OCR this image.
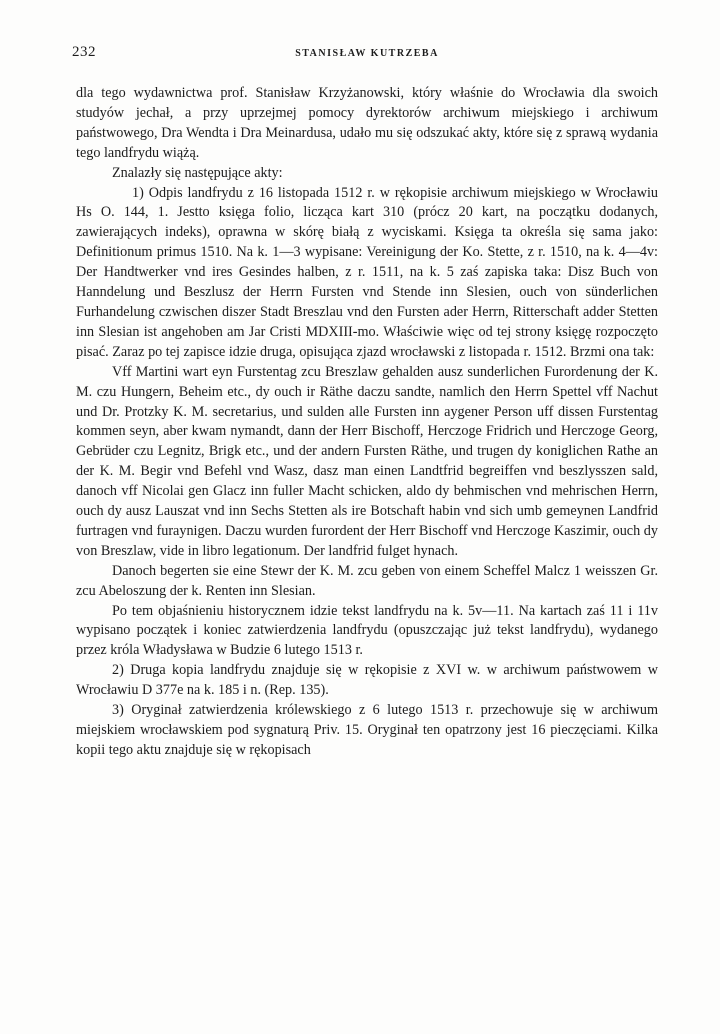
232	STANISŁAW KUTRZEBA

dla tego wydawnictwa prof. Stanisław Krzyżanowski, który właśnie do Wrocławia dla swoich studyów jechał, a przy uprzejmej pomocy dyrektorów archiwum miejskiego i archiwum państwowego, Dra Wendta i Dra Meinardusa, udało mu się odszukać akty, które się z sprawą wydania tego landfrydu wiążą.

Znalazły się następujące akty:

1) Odpis landfrydu z 16 listopada 1512 r. w rękopisie archiwum miejskiego w Wrocławiu Hs O. 144, 1. Jestto księga folio, licząca kart 310 (prócz 20 kart, na początku dodanych, zawierających indeks), oprawna w skórę białą z wyciskami. Księga ta określa się sama jako: Definitionum primus 1510. Na k. 1—3 wypisane: Vereinigung der Ko. Stette, z r. 1510, na k. 4—4v: Der Handtwerker vnd ires Gesindes halben, z r. 1511, na k. 5 zaś zapiska taka: Disz Buch von Hanndelung und Beszlusz der Herrn Fursten vnd Stende inn Slesien, ouch von sünderlichen Furhandelung czwischen diszer Stadt Breszlau vnd den Fursten ader Herrn, Ritterschaft adder Stetten inn Slesian ist angehoben am Jar Cristi MDXIII-mo. Właściwie więc od tej strony księgę rozpoczęto pisać. Zaraz po tej zapisce idzie druga, opisująca zjazd wrocławski z listopada r. 1512. Brzmi ona tak:

Vff Martini wart eyn Furstentag zcu Breszlaw gehalden ausz sunderlichen Furordenung der K. M. czu Hungern, Beheim etc., dy ouch ir Räthe daczu sandte, namlich den Herrn Spettel vff Nachut und Dr. Protzky K. M. secretarius, und sulden alle Fursten inn aygener Person uff dissen Furstentag kommen seyn, aber kwam nymandt, dann der Herr Bischoff, Herczoge Fridrich und Herczoge Georg, Gebrüder czu Legnitz, Brigk etc., und der andern Fursten Räthe, und trugen dy koniglichen Rathe an der K. M. Begir vnd Befehl vnd Wasz, dasz man einen Landtfrid begreiffen vnd beszlysszen sald, danoch vff Nicolai gen Glacz inn fuller Macht schicken, aldo dy behmischen vnd mehrischen Herrn, ouch dy ausz Lauszat vnd inn Sechs Stetten als ire Botschaft habin vnd sich umb gemeynen Landfrid furtragen vnd furaynigen. Daczu wurden furordent der Herr Bischoff vnd Herczoge Kaszimir, ouch dy von Breszlaw, vide in libro legationum. Der landfrid fulget hynach.

Danoch begerten sie eine Stewr der K. M. zcu geben von einem Scheffel Malcz 1 weisszen Gr. zcu Abeloszung der k. Renten inn Slesian.

Po tem objaśnieniu historycznem idzie tekst landfrydu na k. 5v—11. Na kartach zaś 11 i 11v wypisano początek i koniec zatwierdzenia landfrydu (opuszczając już tekst landfrydu), wydanego przez króla Władysława w Budzie 6 lutego 1513 r.

2) Druga kopia landfrydu znajduje się w rękopisie z XVI w. w archiwum państwowem w Wrocławiu D 377e na k. 185 i n. (Rep. 135).

3) Oryginał zatwierdzenia królewskiego z 6 lutego 1513 r. przechowuje się w archiwum miejskiem wrocławskiem pod sygnaturą Priv. 15. Oryginał ten opatrzony jest 16 pieczęciami. Kilka kopii tego aktu znajduje się w rękopisach
